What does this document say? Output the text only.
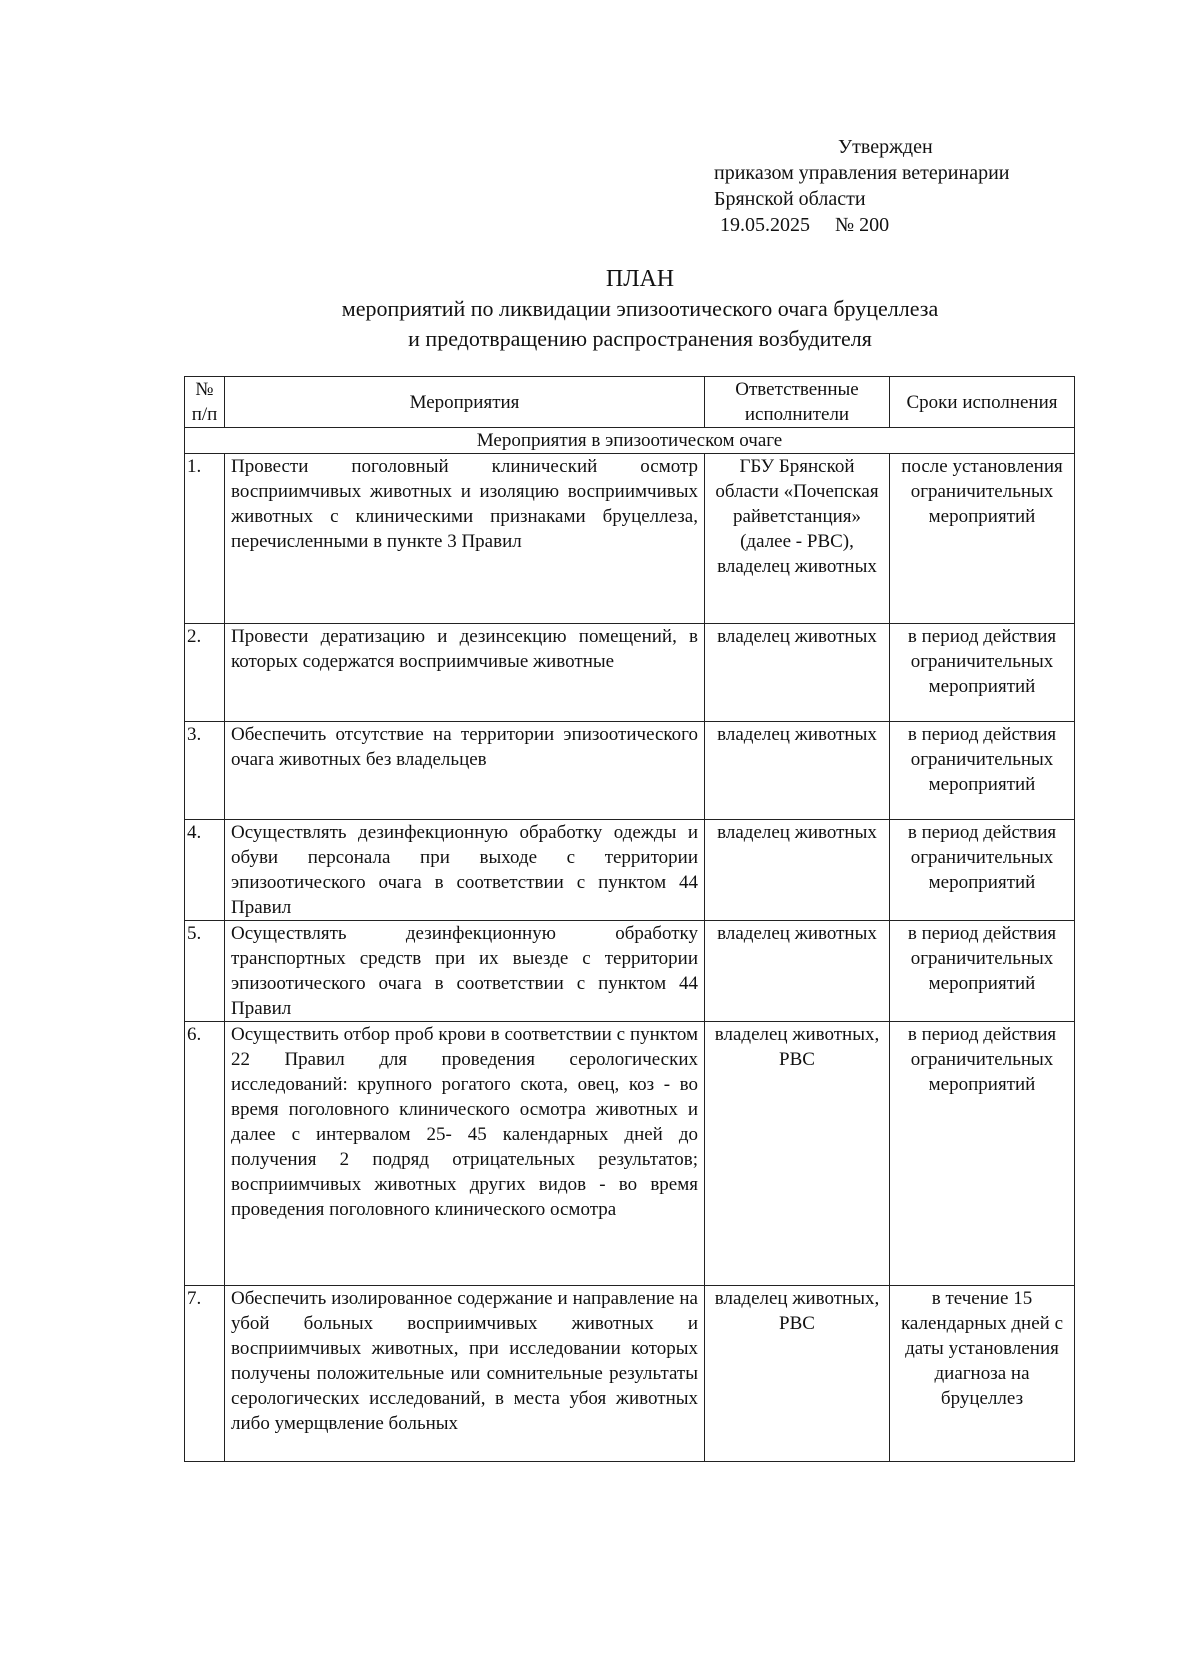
Утвержден
приказом управления ветеринарии
Брянской области
19.05.2025     № 200
ПЛАН
мероприятий по ликвидации эпизоотического очага бруцеллеза
и предотвращению распространения возбудителя
№ п/п	Мероприятия	Ответственные исполнители	Сроки исполнения
Мероприятия в эпизоотическом очаге			
1.	Провести поголовный клинический осмотр восприимчивых животных и изоляцию восприимчивых животных с клиническими признаками бруцеллеза, перечисленными в пункте 3 Правил	ГБУ Брянской области «Почепская райветстанция» (далее - РВС), владелец животных	после установления ограничительных мероприятий
2.	Провести дератизацию и дезинсекцию помещений, в которых содержатся восприимчивые животные	владелец животных	в период действия ограничительных мероприятий
3.	Обеспечить отсутствие на территории эпизоотического очага животных без владельцев	владелец животных	в период действия ограничительных мероприятий
4.	Осуществлять дезинфекционную обработку одежды и обуви персонала при выходе с территории эпизоотического очага в соответствии с пунктом 44 Правил	владелец животных	в период действия ограничительных мероприятий
5.	Осуществлять дезинфекционную обработку транспортных средств при их выезде с территории эпизоотического очага в соответствии с пунктом 44 Правил	владелец животных	в период действия ограничительных мероприятий
6.	Осуществить отбор проб крови в соответствии с пунктом 22 Правил для проведения серологических исследований: крупного рогатого скота, овец, коз - во время поголовного клинического осмотра животных и далее с интервалом 25- 45 календарных дней до получения 2 подряд отрицательных результатов; восприимчивых животных других видов - во время проведения поголовного клинического осмотра	владелец животных, РВС	в период действия ограничительных мероприятий
7.	Обеспечить изолированное содержание и направление на убой больных восприимчивых животных и восприимчивых животных, при исследовании которых получены положительные или сомнительные результаты серологических исследований, в места убоя животных либо умерщвление больных	владелец животных, РВС	в течение 15 календарных дней с даты установления диагноза на бруцеллез
